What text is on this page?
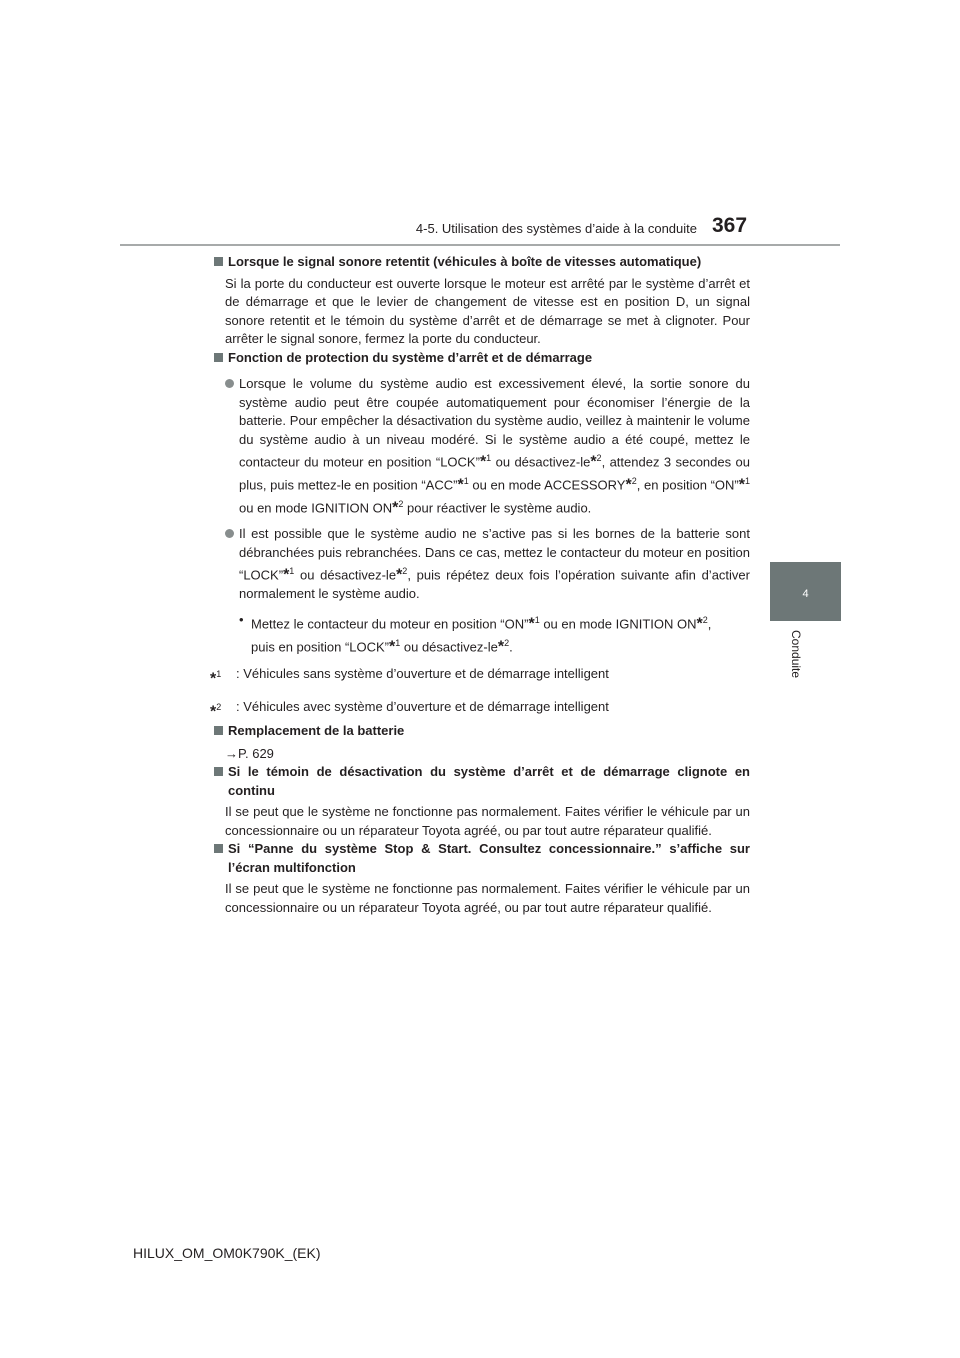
4-5. Utilisation des systèmes d’aide à la conduite 367
4
Conduite
Lorsque le signal sonore retentit (véhicules à boîte de vitesses automatique)
Si la porte du conducteur est ouverte lorsque le moteur est arrêté par le système d’arrêt et de démarrage et que le levier de changement de vitesse est en position D, un signal sonore retentit et le témoin du système d’arrêt et de démarrage se met à clignoter. Pour arrêter le signal sonore, fermez la porte du conducteur.
Fonction de protection du système d’arrêt et de démarrage
Lorsque le volume du système audio est excessivement élevé, la sortie sonore du système audio peut être coupée automatiquement pour économiser l’énergie de la batterie. Pour empêcher la désactivation du système audio, veillez à maintenir le volume du système audio à un niveau modéré. Si le système audio a été coupé, mettez le contacteur du moteur en position “LOCK”*$^1$ ou désactivez-le*$^2$, attendez 3 secondes ou plus, puis mettez-le en position “ACC”*$^1$ ou en mode ACCESSORY*$^2$, en position “ON”*$^1$ ou en mode IGNITION ON*$^2$ pour réactiver le système audio.
Il est possible que le système audio ne s’active pas si les bornes de la batterie sont débranchées puis rebranchées. Dans ce cas, mettez le contacteur du moteur en position “LOCK”*$^1$ ou désactivez-le*$^2$, puis répétez deux fois l’opération suivante afin d’activer normalement le système audio.
• Mettez le contacteur du moteur en position “ON”*$^1$ ou en mode IGNITION ON*$^2$,
puis en position “LOCK”*$^1$ ou désactivez-le*$^2$.
*$^1$	: Véhicules sans système d’ouverture et de démarrage intelligent
*$^2$	: Véhicules avec système d’ouverture et de démarrage intelligent
Remplacement de la batterie
→P. 629
Si le témoin de désactivation du système d’arrêt et de démarrage clignote en continu
Il se peut que le système ne fonctionne pas normalement. Faites vérifier le véhicule par un concessionnaire ou un réparateur Toyota agréé, ou par tout autre réparateur qualifié.
Si “Panne du système Stop & Start. Consultez concessionnaire.” s’affiche sur l’écran multifonction
Il se peut que le système ne fonctionne pas normalement. Faites vérifier le véhicule par un concessionnaire ou un réparateur Toyota agréé, ou par tout autre réparateur qualifié.
HILUX_OM_OM0K790K_(EK)
